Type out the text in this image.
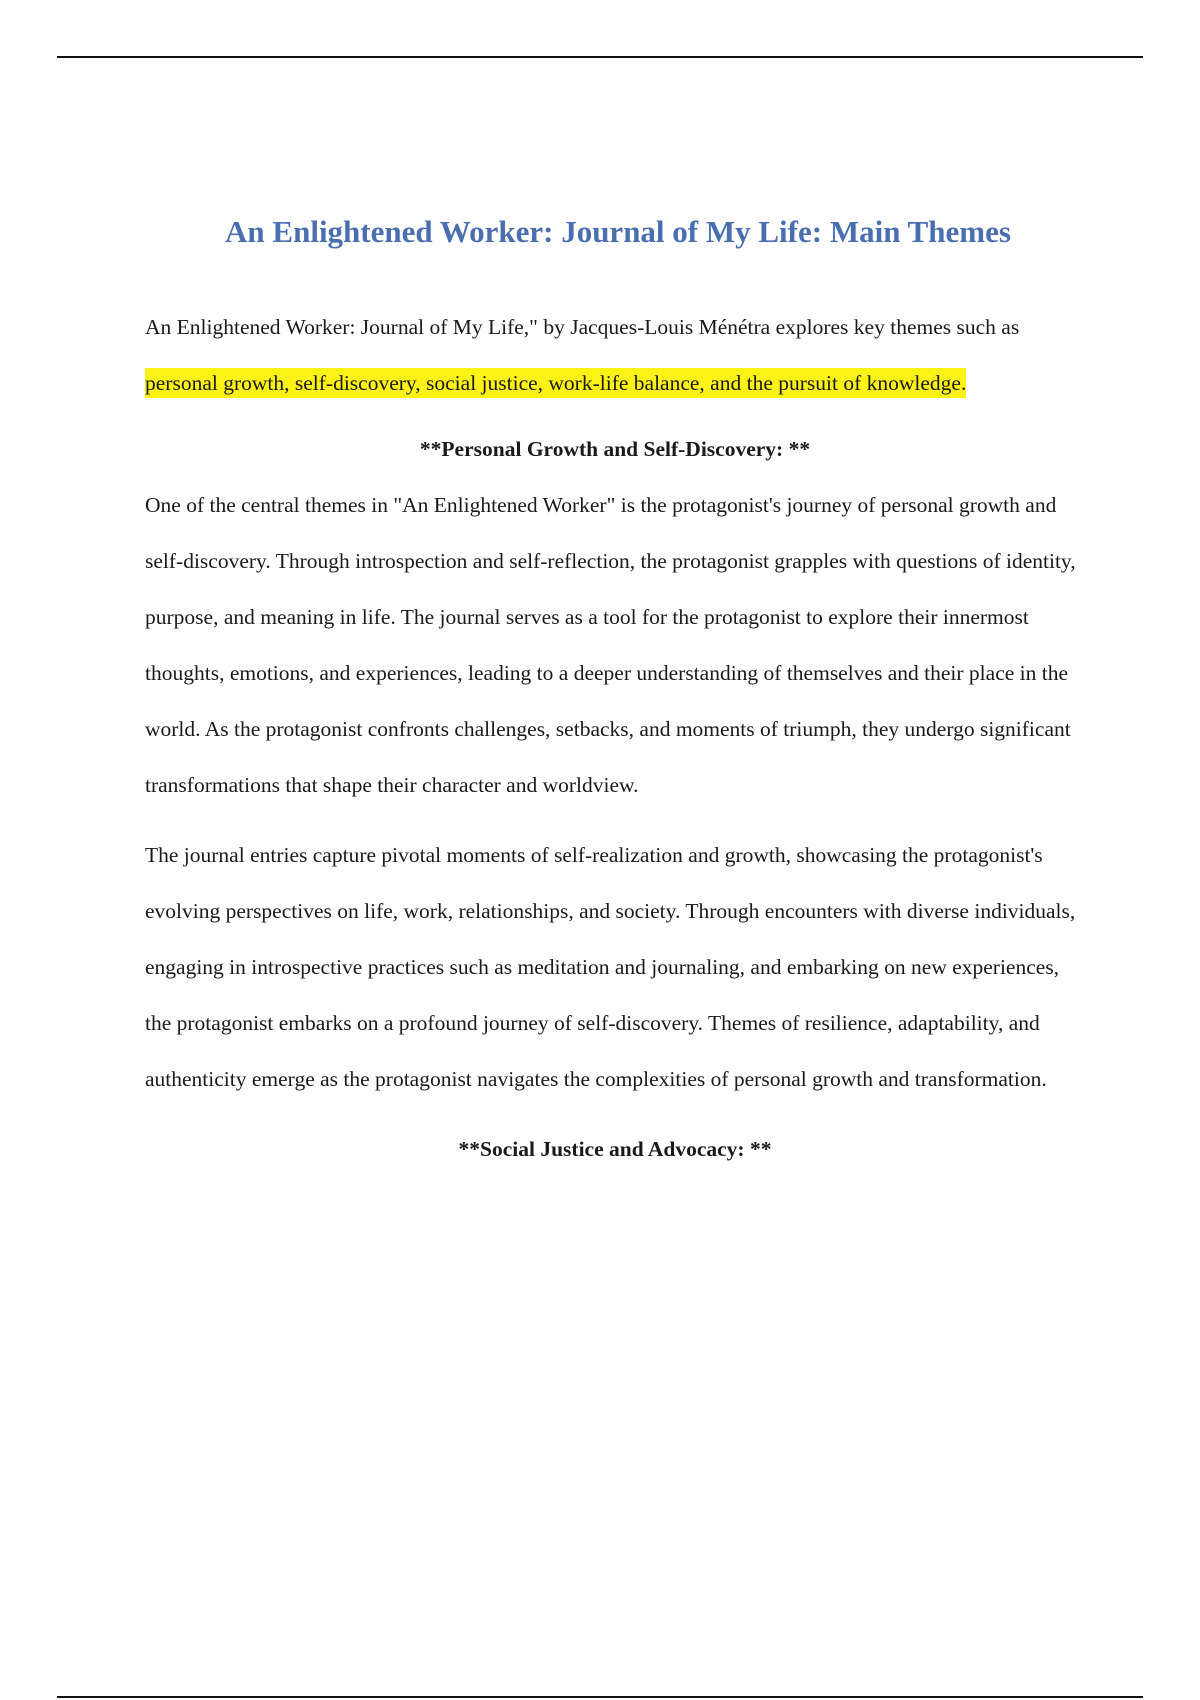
An Enlightened Worker: Journal of My Life: Main Themes

An Enlightened Worker: Journal of My Life," by Jacques-Louis Ménétra explores key themes such as personal growth, self-discovery, social justice, work-life balance, and the pursuit of knowledge.

**Personal Growth and Self-Discovery: **

One of the central themes in "An Enlightened Worker" is the protagonist's journey of personal growth and self-discovery. Through introspection and self-reflection, the protagonist grapples with questions of identity, purpose, and meaning in life. The journal serves as a tool for the protagonist to explore their innermost thoughts, emotions, and experiences, leading to a deeper understanding of themselves and their place in the world. As the protagonist confronts challenges, setbacks, and moments of triumph, they undergo significant transformations that shape their character and worldview.

The journal entries capture pivotal moments of self-realization and growth, showcasing the protagonist's evolving perspectives on life, work, relationships, and society. Through encounters with diverse individuals, engaging in introspective practices such as meditation and journaling, and embarking on new experiences, the protagonist embarks on a profound journey of self-discovery. Themes of resilience, adaptability, and authenticity emerge as the protagonist navigates the complexities of personal growth and transformation.

**Social Justice and Advocacy: **
